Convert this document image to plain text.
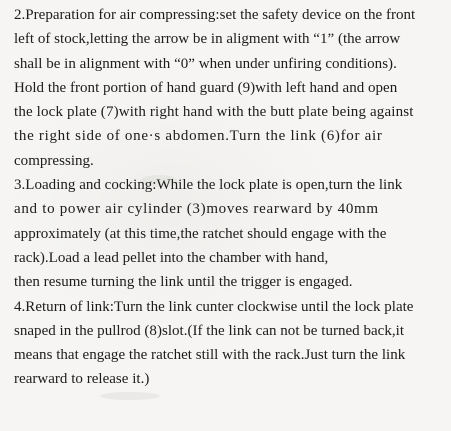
2.Preparation for air compressing:set the safety device on the front
left of stock,letting the arrow be in aligment with “1” (the arrow
shall be in alignment with “0” when under unfiring conditions).
Hold the front portion of hand guard (9)with left hand and open
the lock plate (7)with right hand with the butt plate being against
the right side of one·s abdomen.Turn the link (6)for air
compressing.
3.Loading and cocking:While the lock plate is open,turn the link
and to power air cylinder (3)moves rearward by 40mm
approximately (at this time,the ratchet should engage with the
rack).Load a lead pellet into the chamber with hand,
then resume turning the link until the trigger is engaged.
4.Return of link:Turn the link cunter clockwise until the lock plate
snaped in the pullrod (8)slot.(If the link can not be turned back,it
means that engage the ratchet still with the rack.Just turn the link
rearward to release it.)
